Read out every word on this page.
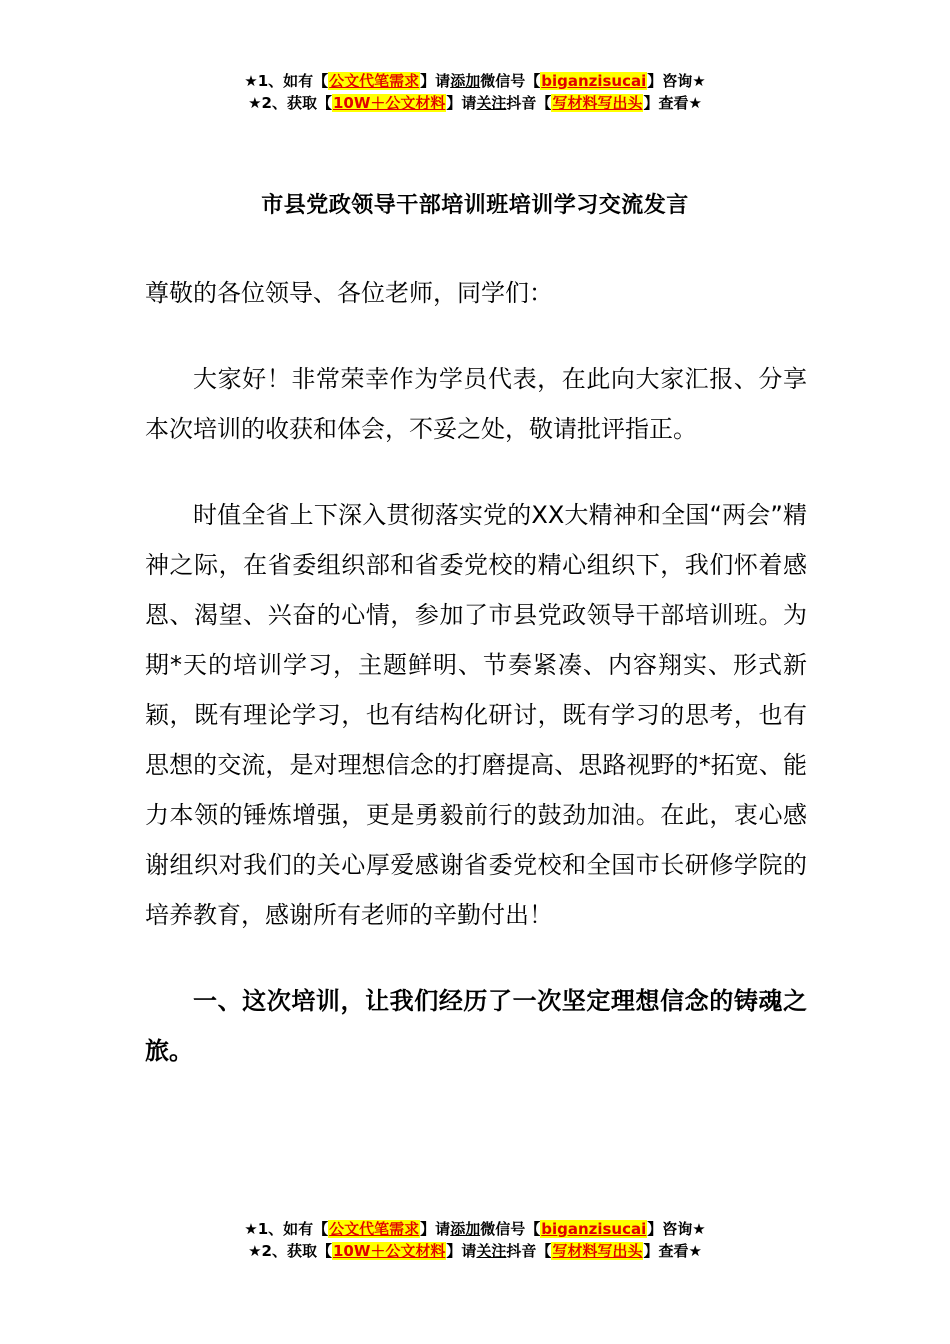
★1、如有【公文代笔需求】请添加微信号【biganzisucai】咨询★
★2、获取【10W＋公文材料】请关注抖音【写材料写出头】查看★
市县党政领导干部培训班培训学习交流发言

尊敬的各位领导、各位老师，同学们：

大家好！非常荣幸作为学员代表，在此向大家汇报、分享本次培训的收获和体会，不妥之处，敬请批评指正。

时值全省上下深入贯彻落实党的XX大精神和全国“两会”精神之际，在省委组织部和省委党校的精心组织下，我们怀着感恩、渴望、兴奋的心情，参加了市县党政领导干部培训班。为期*天的培训学习，主题鲜明、节奏紧凑、内容翔实、形式新颖，既有理论学习，也有结构化研讨，既有学习的思考，也有思想的交流，是对理想信念的打磨提高、思路视野的*拓宽、能力本领的锤炼增强，更是勇毅前行的鼓劲加油。在此，衷心感谢组织对我们的关心厚爱感谢省委党校和全国市长研修学院的培养教育，感谢所有老师的辛勤付出！

一、这次培训，让我们经历了一次坚定理想信念的铸魂之旅。

★1、如有【公文代笔需求】请添加微信号【biganzisucai】咨询★
★2、获取【10W＋公文材料】请关注抖音【写材料写出头】查看★
